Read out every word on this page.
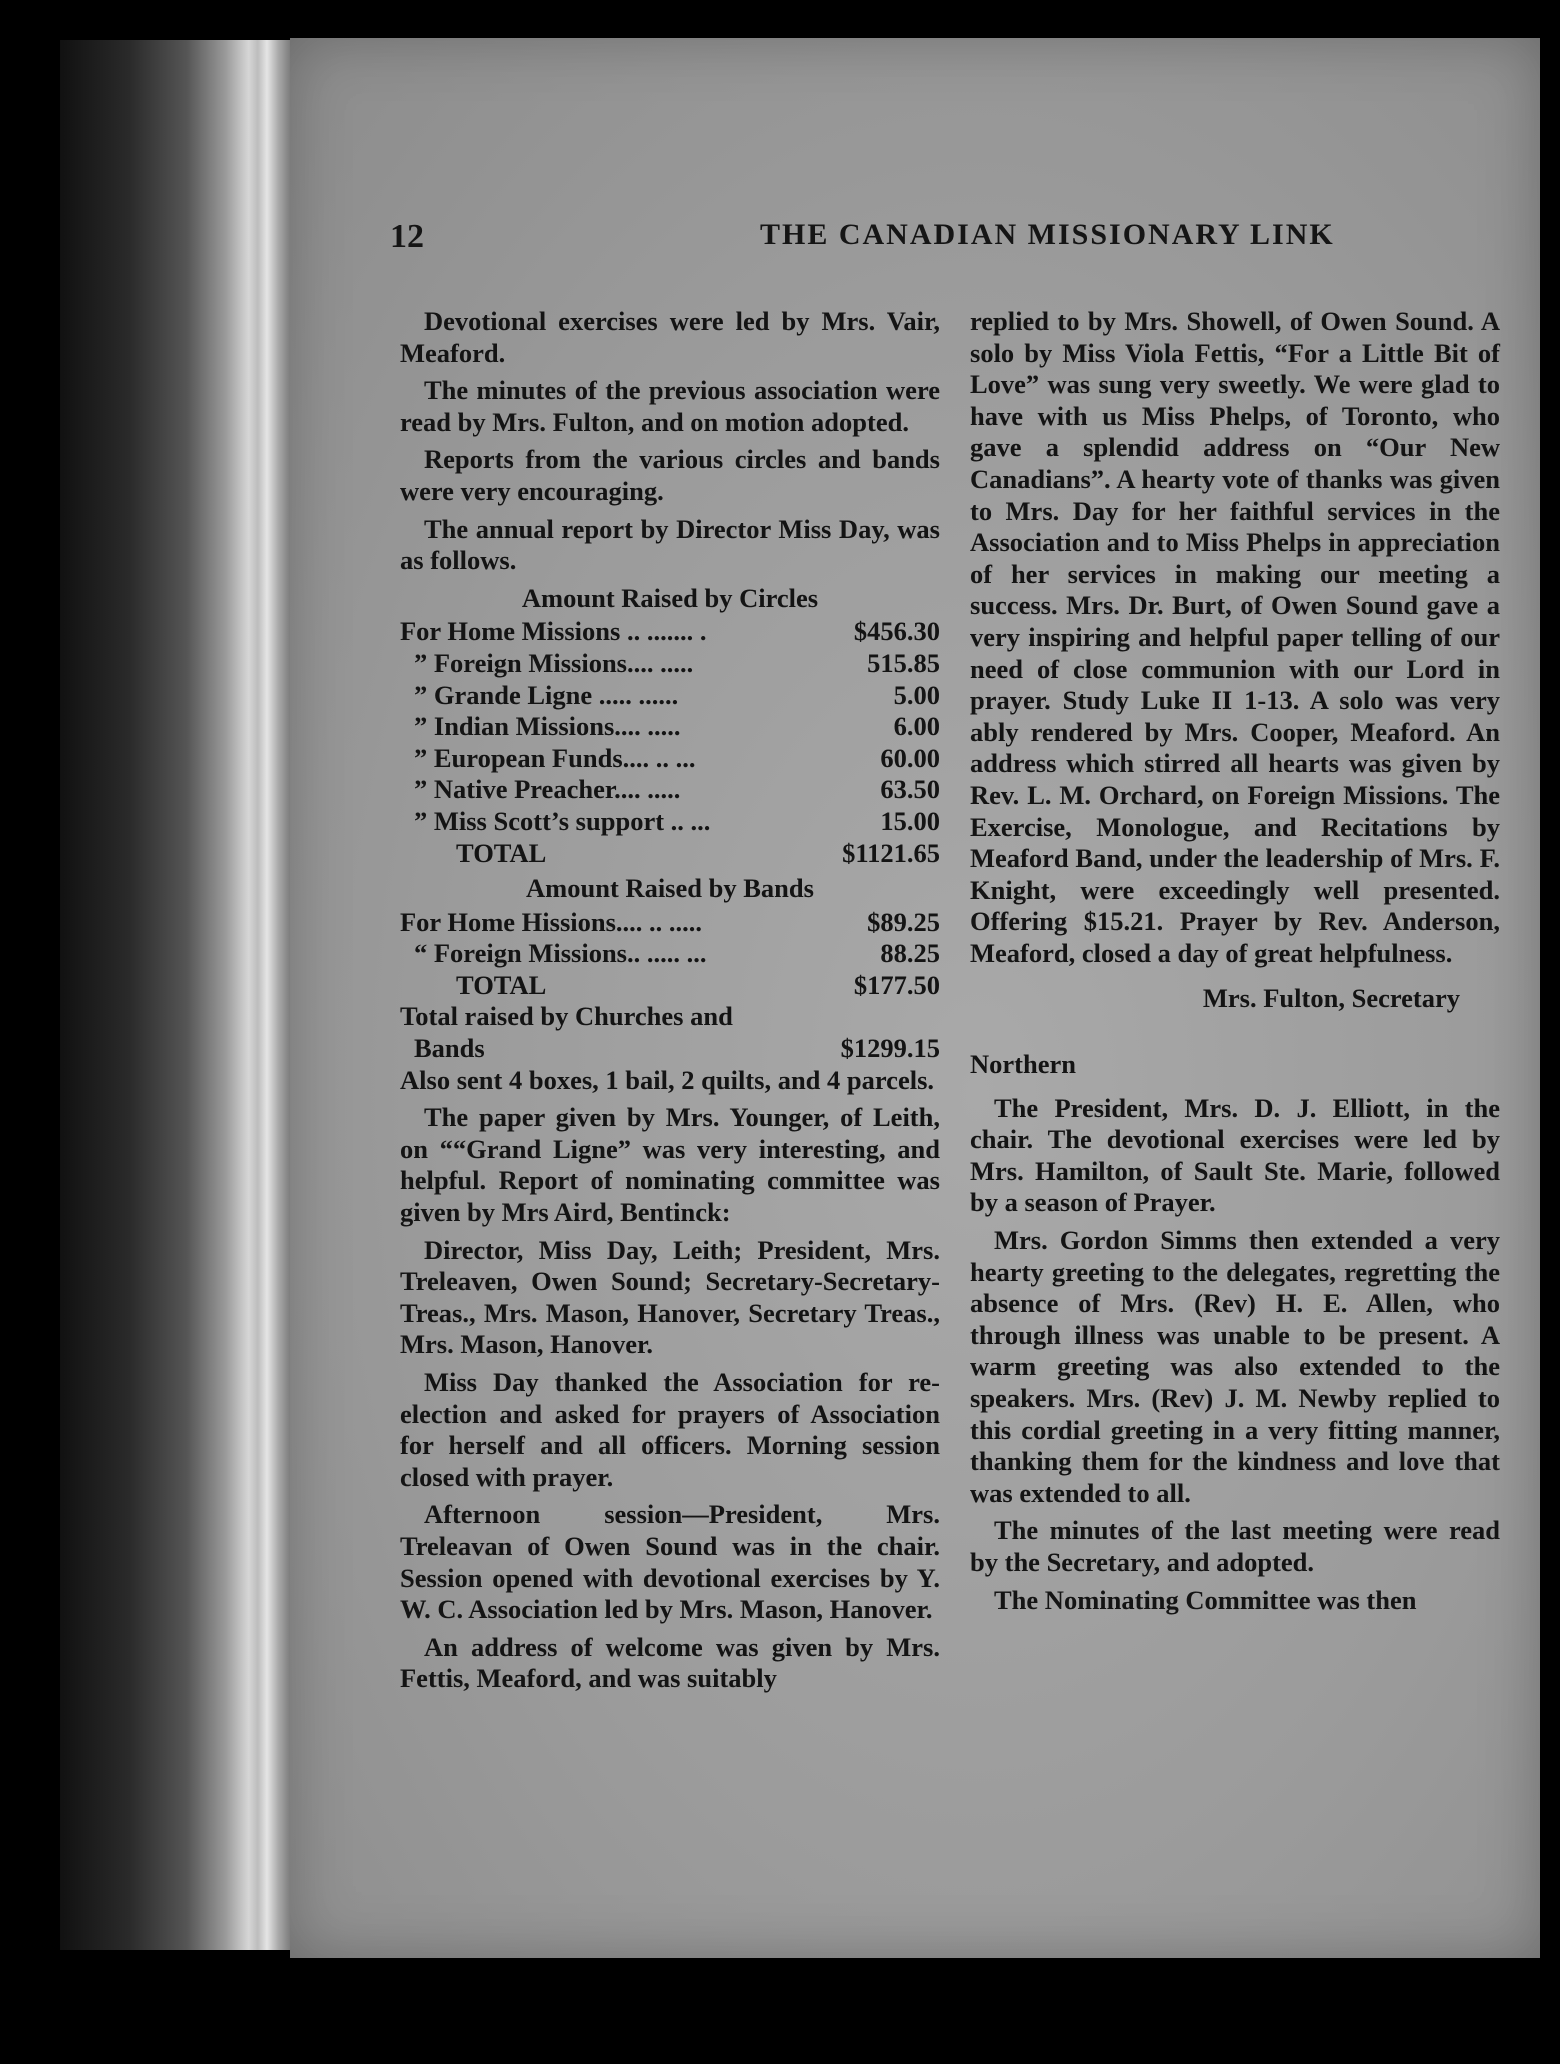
12	THE CANADIAN MISSIONARY LINK

Devotional exercises were led by Mrs. Vair, Meaford.

The minutes of the previous association were read by Mrs. Fulton, and on motion adopted.

Reports from the various circles and bands were very encouraging.

The annual report by Director Miss Day, was as follows.

Amount Raised by Circles
For Home Missions .. ....... .	$456.30
” Foreign Missions.... .....	515.85
” Grande Ligne ..... ......	5.00
” Indian Missions.... .....	6.00
” European Funds.... .. ...	60.00
” Native Preacher.... .....	63.50
” Miss Scott’s support .. ...	15.00
TOTAL	$1121.65
Amount Raised by Bands
For Home Hissions.... .. .....	$89.25
“ Foreign Missions.. ..... ...	88.25
TOTAL	$177.50
Total raised by Churches and
Bands	$1299.15

Also sent 4 boxes, 1 bail, 2 quilts, and 4 parcels.

The paper given by Mrs. Younger, of Leith, on ““Grand Ligne” was very interesting, and helpful. Report of nominating committee was given by Mrs Aird, Bentinck:

Director, Miss Day, Leith; President, Mrs. Treleaven, Owen Sound; Secretary-Secretary-Treas., Mrs. Mason, Hanover, Secretary Treas., Mrs. Mason, Hanover.

Miss Day thanked the Association for re-election and asked for prayers of Association for herself and all officers. Morning session closed with prayer.

Afternoon session—President, Mrs. Treleavan of Owen Sound was in the chair. Session opened with devotional exercises by Y. W. C. Association led by Mrs. Mason, Hanover.

An address of welcome was given by Mrs. Fettis, Meaford, and was suitably

replied to by Mrs. Showell, of Owen Sound. A solo by Miss Viola Fettis, “For a Little Bit of Love” was sung very sweetly. We were glad to have with us Miss Phelps, of Toronto, who gave a splendid address on “Our New Canadians”. A hearty vote of thanks was given to Mrs. Day for her faithful services in the Association and to Miss Phelps in appreciation of her services in making our meeting a success. Mrs. Dr. Burt, of Owen Sound gave a very inspiring and helpful paper telling of our need of close communion with our Lord in prayer. Study Luke II 1-13. A solo was very ably rendered by Mrs. Cooper, Meaford. An address which stirred all hearts was given by Rev. L. M. Orchard, on Foreign Missions. The Exercise, Monologue, and Recitations by Meaford Band, under the leadership of Mrs. F. Knight, were exceedingly well presented. Offering $15.21. Prayer by Rev. Anderson, Meaford, closed a day of great helpfulness.

Mrs. Fulton, Secretary
Northern

The President, Mrs. D. J. Elliott, in the chair. The devotional exercises were led by Mrs. Hamilton, of Sault Ste. Marie, followed by a season of Prayer.

Mrs. Gordon Simms then extended a very hearty greeting to the delegates, regretting the absence of Mrs. (Rev) H. E. Allen, who through illness was unable to be present. A warm greeting was also extended to the speakers. Mrs. (Rev) J. M. Newby replied to this cordial greeting in a very fitting manner, thanking them for the kindness and love that was extended to all.

The minutes of the last meeting were read by the Secretary, and adopted.

The Nominating Committee was then
